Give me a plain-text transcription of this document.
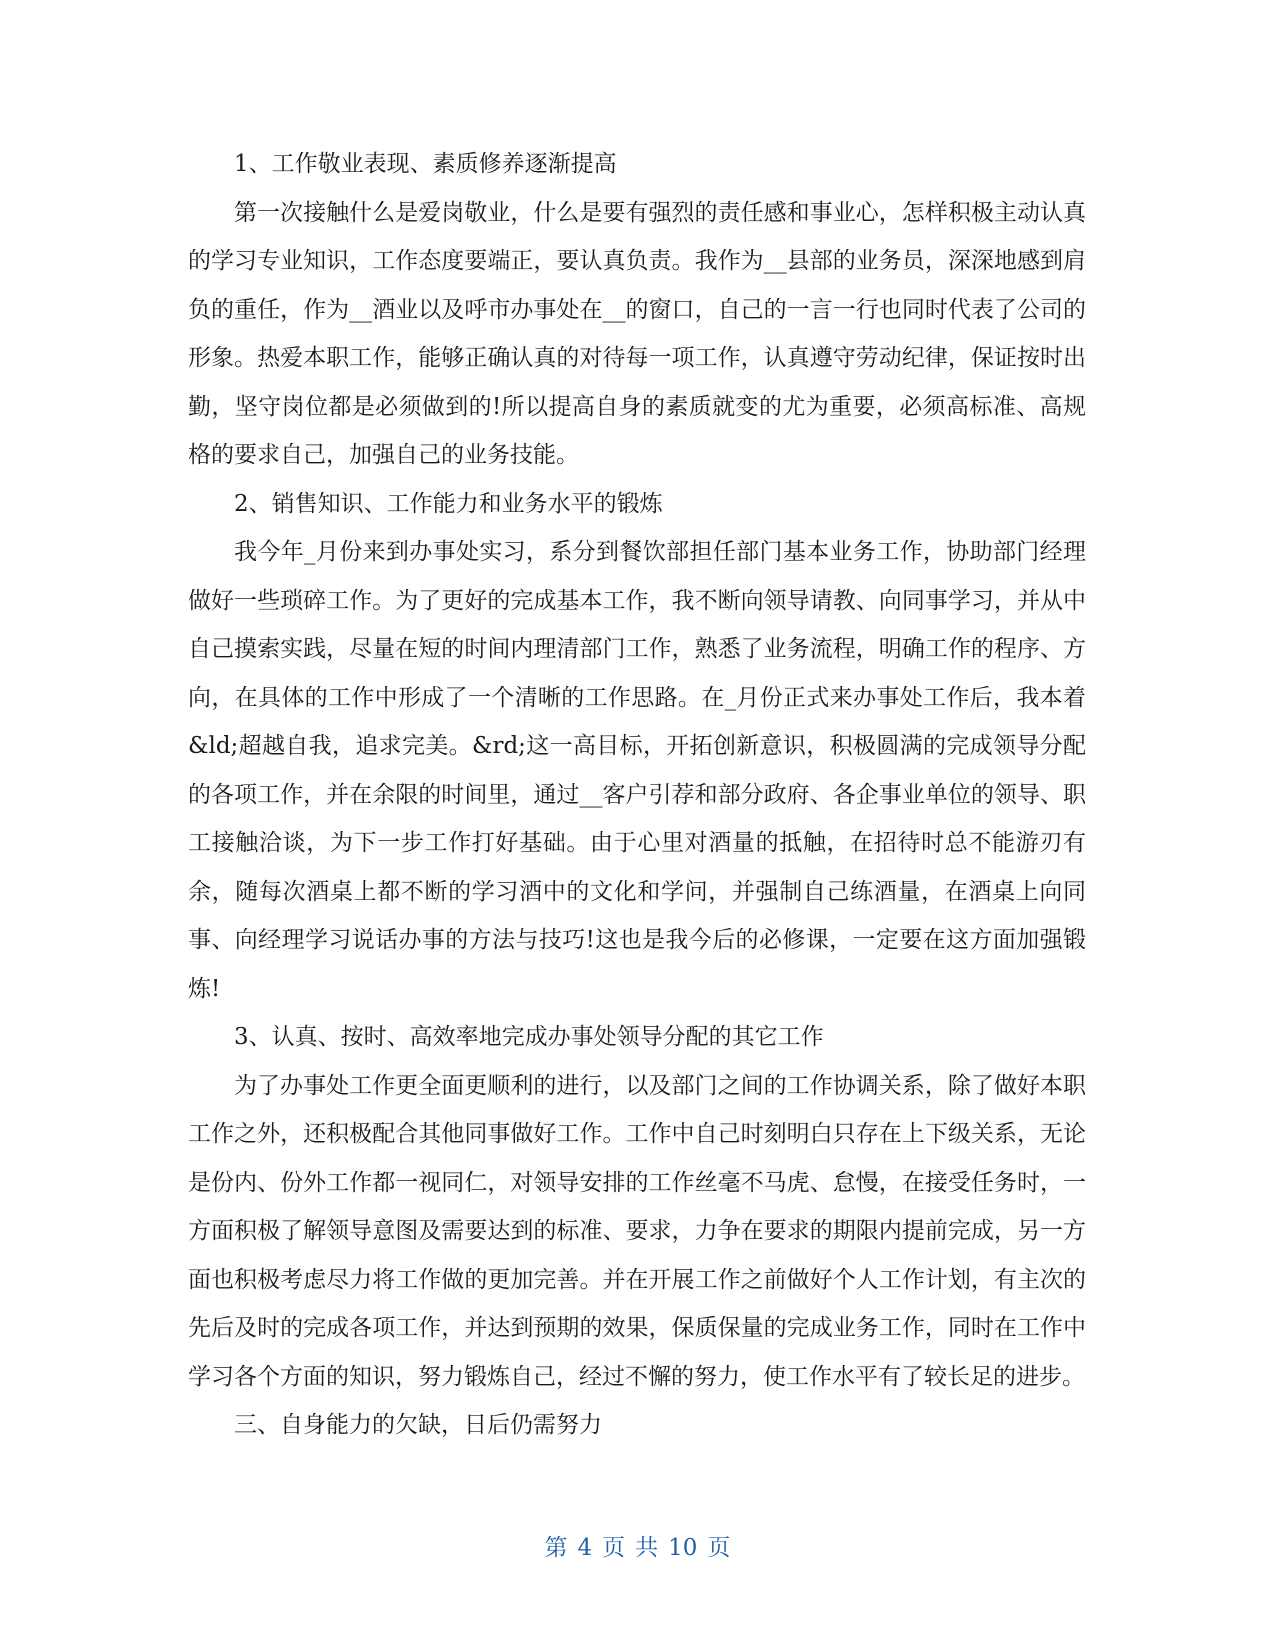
1、工作敬业表现、素质修养逐渐提高

第一次接触什么是爱岗敬业，什么是要有强烈的责任感和事业心，怎样积极主动认真的学习专业知识，工作态度要端正，要认真负责。我作为__县部的业务员，深深地感到肩负的重任，作为__酒业以及呼市办事处在__的窗口，自己的一言一行也同时代表了公司的形象。热爱本职工作，能够正确认真的对待每一项工作，认真遵守劳动纪律，保证按时出勤，坚守岗位都是必须做到的!所以提高自身的素质就变的尤为重要，必须高标准、高规格的要求自己，加强自己的业务技能。

2、销售知识、工作能力和业务水平的锻炼

我今年_月份来到办事处实习，系分到餐饮部担任部门基本业务工作，协助部门经理做好一些琐碎工作。为了更好的完成基本工作，我不断向领导请教、向同事学习，并从中自己摸索实践，尽量在短的时间内理清部门工作，熟悉了业务流程，明确工作的程序、方向，在具体的工作中形成了一个清晰的工作思路。在_月份正式来办事处工作后，我本着&ld;超越自我，追求完美。&rd;这一高目标，开拓创新意识，积极圆满的完成领导分配的各项工作，并在余限的时间里，通过__客户引荐和部分政府、各企事业单位的领导、职工接触洽谈，为下一步工作打好基础。由于心里对酒量的抵触，在招待时总不能游刃有余，随每次酒桌上都不断的学习酒中的文化和学问，并强制自己练酒量，在酒桌上向同事、向经理学习说话办事的方法与技巧!这也是我今后的必修课，一定要在这方面加强锻炼!

3、认真、按时、高效率地完成办事处领导分配的其它工作

为了办事处工作更全面更顺利的进行，以及部门之间的工作协调关系，除了做好本职工作之外，还积极配合其他同事做好工作。工作中自己时刻明白只存在上下级关系，无论是份内、份外工作都一视同仁，对领导安排的工作丝毫不马虎、怠慢，在接受任务时，一方面积极了解领导意图及需要达到的标准、要求，力争在要求的期限内提前完成，另一方面也积极考虑尽力将工作做的更加完善。并在开展工作之前做好个人工作计划，有主次的先后及时的完成各项工作，并达到预期的效果，保质保量的完成业务工作，同时在工作中学习各个方面的知识，努力锻炼自己，经过不懈的努力，使工作水平有了较长足的进步。

三、自身能力的欠缺，日后仍需努力

第 4 页 共 10 页
